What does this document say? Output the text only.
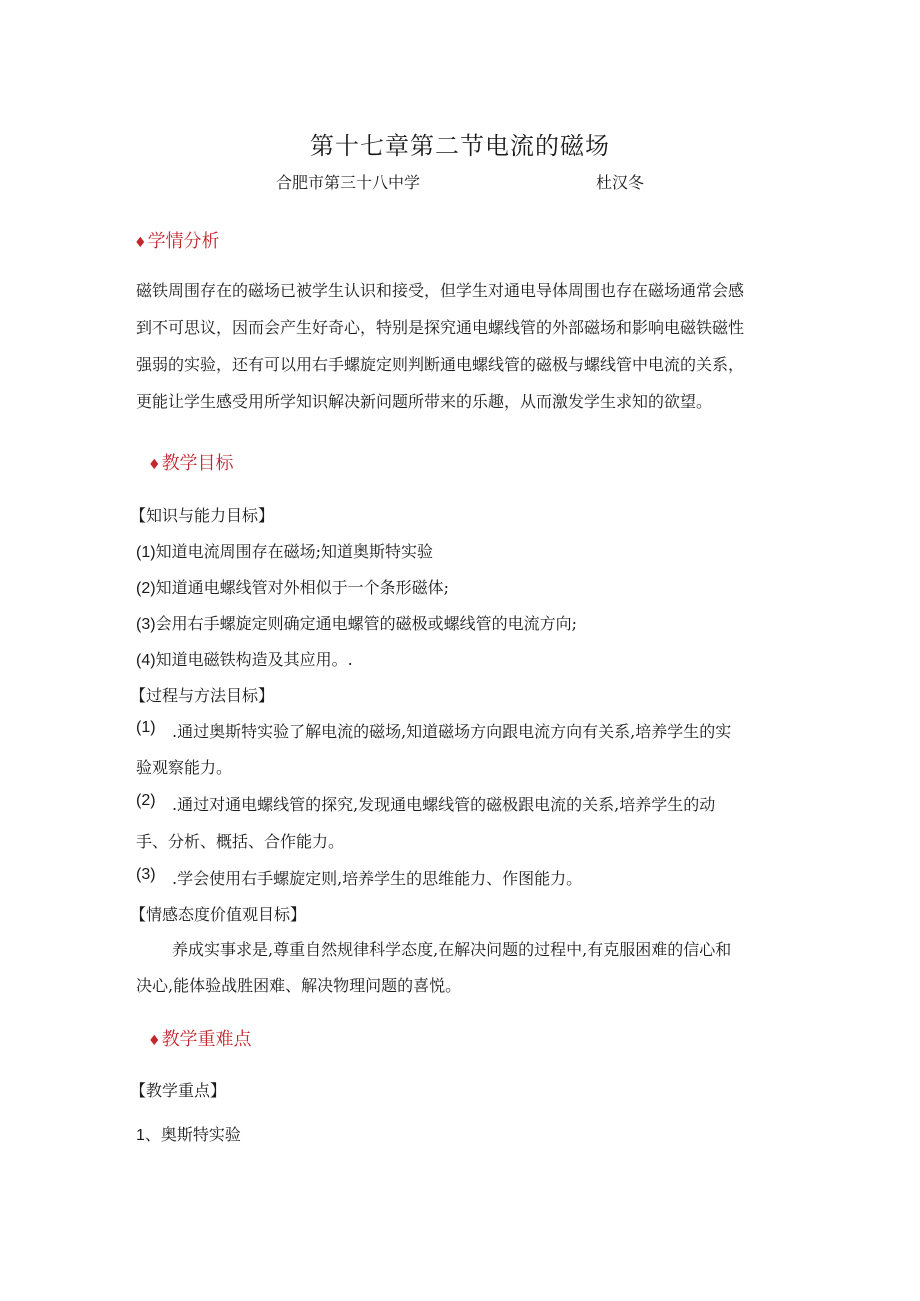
第十七章第二节电流的磁场
合肥市第三十八中学	杜汉冬
♦学情分析
磁铁周围存在的磁场已被学生认识和接受，但学生对通电导体周围也存在磁场通常会感
到不可思议，因而会产生好奇心，特别是探究通电螺线管的外部磁场和影响电磁铁磁性
强弱的实验，还有可以用右手螺旋定则判断通电螺线管的磁极与螺线管中电流的关系，
更能让学生感受用所学知识解决新问题所带来的乐趣，从而激发学生求知的欲望。
♦教学目标
【知识与能力目标】
(1)知道电流周围存在磁场;知道奥斯特实验
(2)知道通电螺线管对外相似于一个条形磁体;
(3)会用右手螺旋定则确定通电螺管的磁极或螺线管的电流方向;
(4)知道电磁铁构造及其应用。.
【过程与方法目标】
(1) .通过奥斯特实验了解电流的磁场,知道磁场方向跟电流方向有关系,培养学生的实
验观察能力。
(2) .通过对通电螺线管的探究,发现通电螺线管的磁极跟电流的关系,培养学生的动
手、分析、概括、合作能力。
(3) .学会使用右手螺旋定则,培养学生的思维能力、作图能力。
【情感态度价值观目标】
养成实事求是,尊重自然规律科学态度,在解决问题的过程中,有克服困难的信心和
决心,能体验战胜困难、解决物理问题的喜悦。
♦教学重难点
【教学重点】
1、奥斯特实验
